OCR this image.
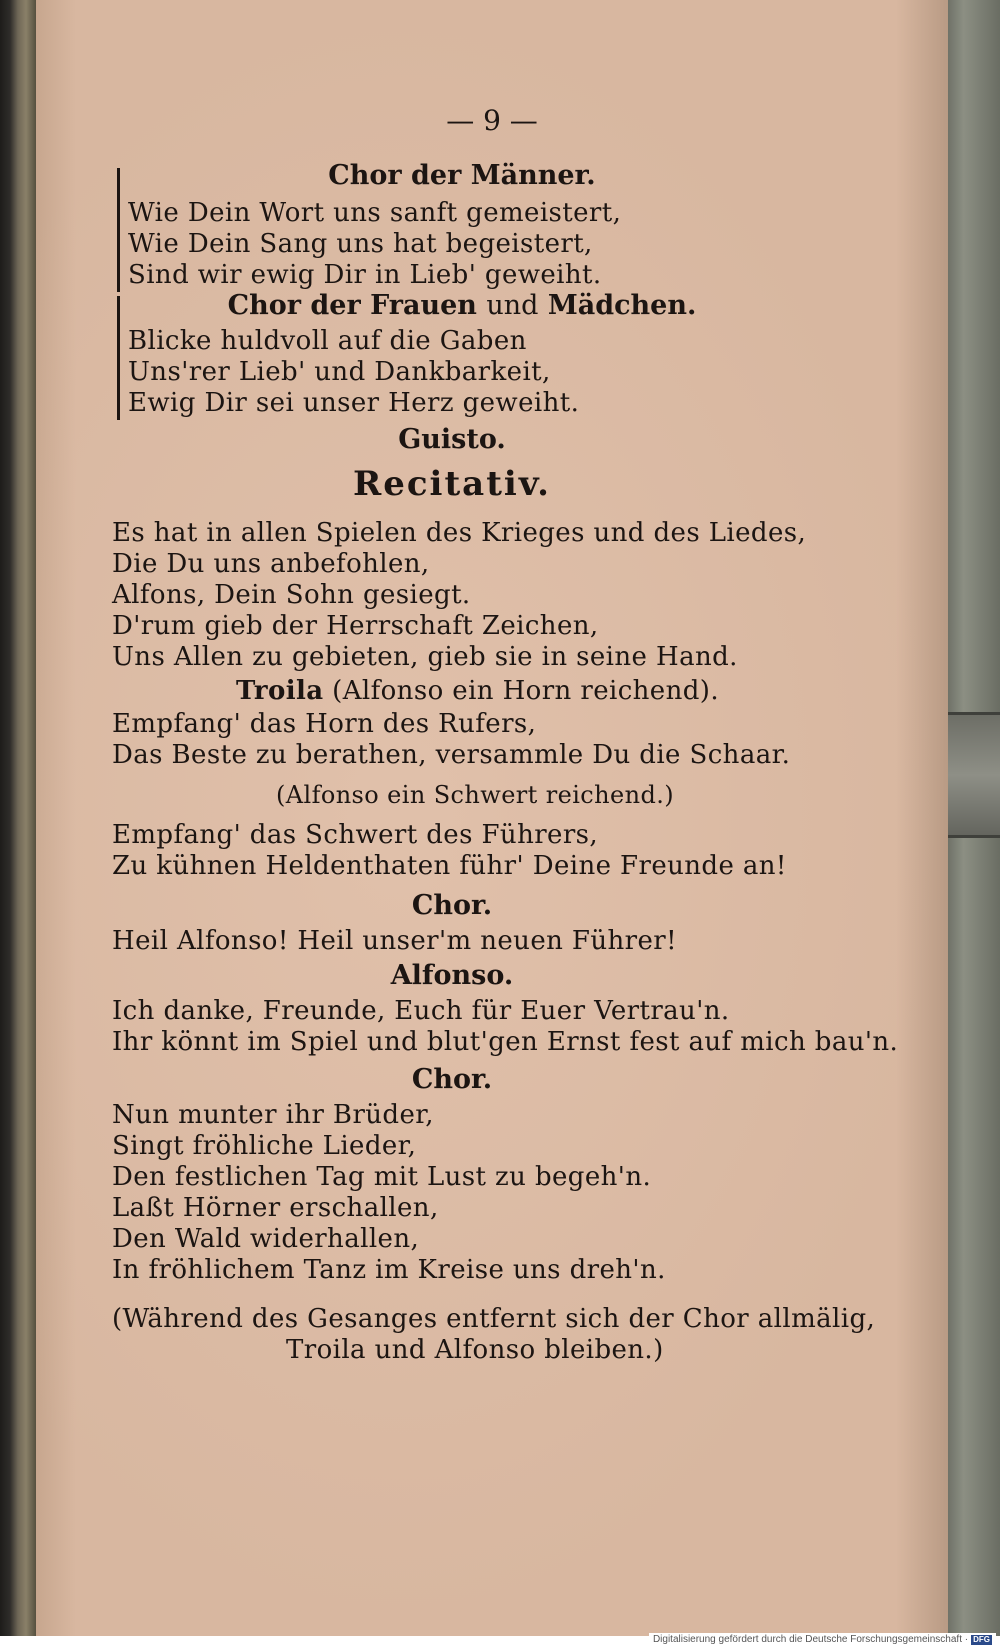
— 9 —
Chor der Männer.
Wie Dein Wort uns sanft gemeistert,
Wie Dein Sang uns hat begeistert,
Sind wir ewig Dir in Lieb' geweiht.
Chor der Frauen und Mädchen.
Blicke huldvoll auf die Gaben
Uns'rer Lieb' und Dankbarkeit,
Ewig Dir sei unser Herz geweiht.
Guisto.
Recitativ.
Es hat in allen Spielen des Krieges und des Liedes,
Die Du uns anbefohlen,
Alfons, Dein Sohn gesiegt.
D'rum gieb der Herrschaft Zeichen,
Uns Allen zu gebieten, gieb sie in seine Hand.
Troila (Alfonso ein Horn reichend).
Empfang' das Horn des Rufers,
Das Beste zu berathen, versammle Du die Schaar.
(Alfonso ein Schwert reichend.)
Empfang' das Schwert des Führers,
Zu kühnen Heldenthaten führ' Deine Freunde an!
Chor.
Heil Alfonso! Heil unser'm neuen Führer!
Alfonso.
Ich danke, Freunde, Euch für Euer Vertrau'n.
Ihr könnt im Spiel und blut'gen Ernst fest auf mich bau'n.
Chor.
Nun munter ihr Brüder,
Singt fröhliche Lieder,
Den festlichen Tag mit Lust zu begeh'n.
Laßt Hörner erschallen,
Den Wald widerhallen,
In fröhlichem Tanz im Kreise uns dreh'n.
(Während des Gesanges entfernt sich der Chor allmälig,
Troila und Alfonso bleiben.)
Digitalisierung gefördert durch die Deutsche Forschungsgemeinschaft · DFG
